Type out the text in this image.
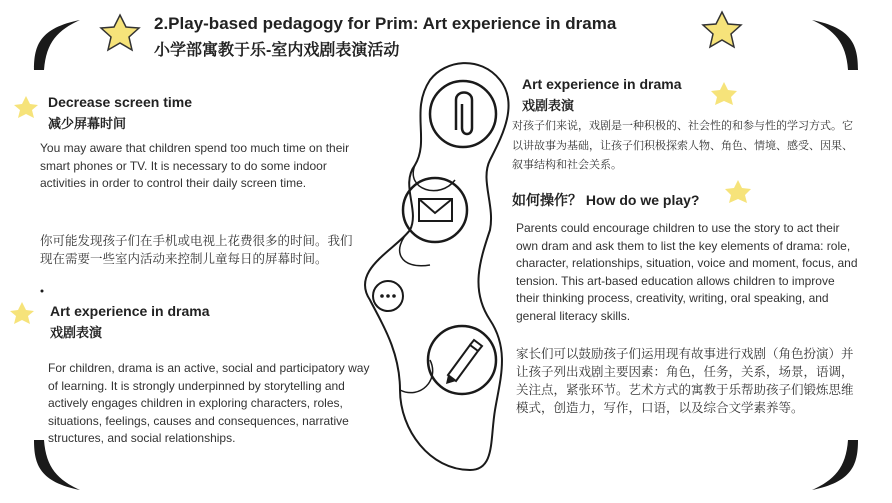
2.Play-based pedagogy for Prim: Art experience in drama
小学部寓教于乐-室内戏剧表演活动
Decrease screen time
减少屏幕时间
You may aware that children spend too much time on their smart phones or TV. It is necessary to do some indoor activities in order to control their daily screen time.
你可能发现孩子们在手机或电视上花费很多的时间。我们现在需要一些室内活动来控制儿童每日的屏幕时间。
Art experience in drama
戏剧表演
For children, drama is an active, social and participatory way of learning. It is strongly underpinned by storytelling and actively engages children in exploring characters, roles, situations, feelings, causes and consequences, narrative structures, and social relationships.
Art experience in drama
戏剧表演
对孩子们来说，戏剧是一种积极的、社会性的和参与性的学习方式。它以讲故事为基础，让孩子们积极探索人物、角色、情境、感受、因果、叙事结构和社会关系。
如何操作？ How do we play?
Parents could encourage children to use the story to act their own dram and ask them to list the key elements of drama: role, character, relationships, situation, voice and moment, focus, and tension. This art-based education allows children to improve their thinking process, creativity, writing, oral speaking, and general literacy skills.
家长们可以鼓励孩子们运用现有故事进行戏剧（角色扮演）并让孩子列出戏剧主要因素：角色，任务，关系，场景，语调，关注点，紧张环节。艺术方式的寓教于乐帮助孩子们锻炼思维模式，创造力，写作，口语，以及综合文学素养等。
